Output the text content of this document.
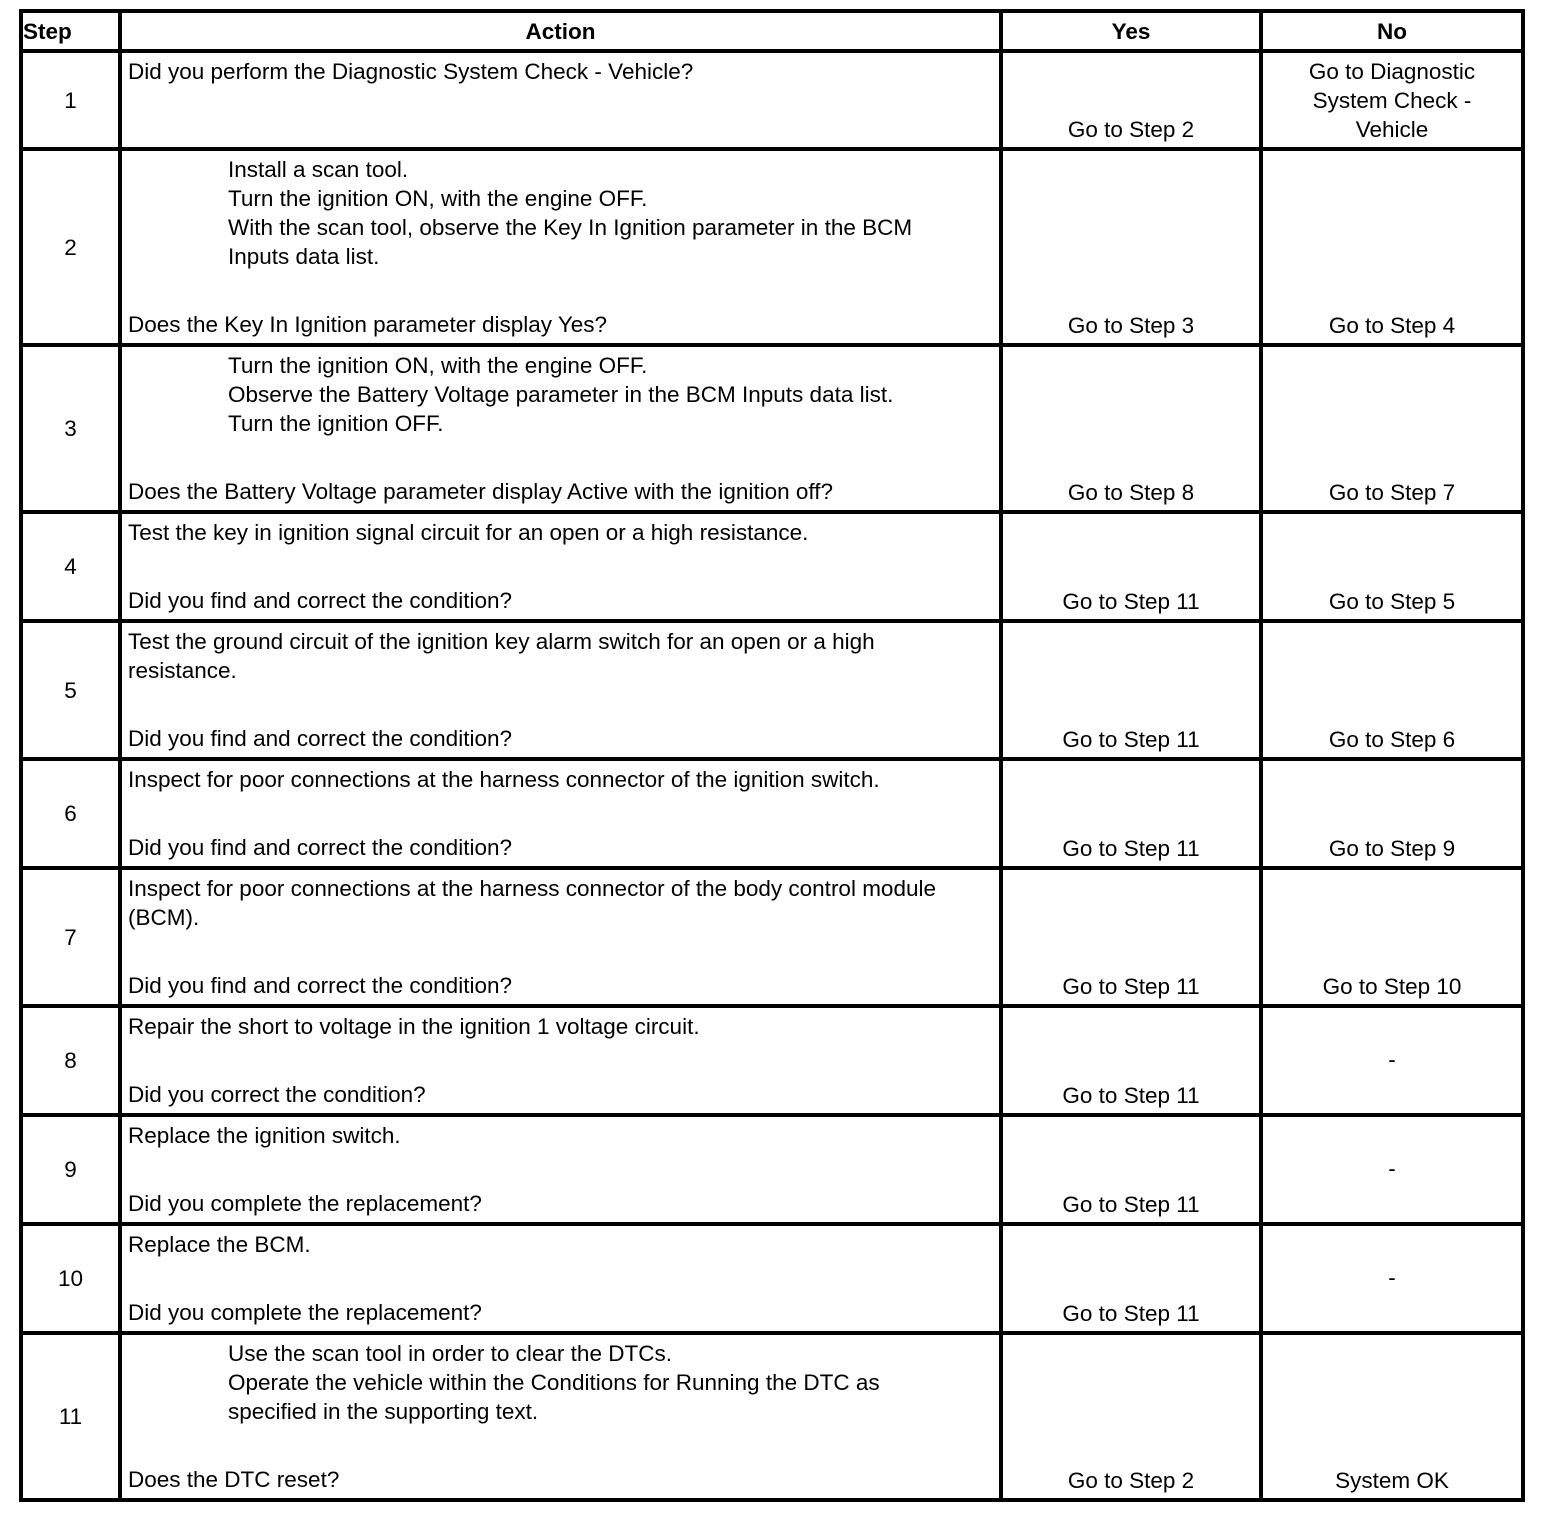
Step	Action	Yes	No
1	Did you perform the Diagnostic System Check - Vehicle?	Go to Step 2	Go to Diagnostic System Check - Vehicle
2	Install a scan tool.
Turn the ignition ON, with the engine OFF.
With the scan tool, observe the Key In Ignition parameter in the BCM
Inputs data list.
Does the Key In Ignition parameter display Yes?	Go to Step 3	Go to Step 4
3	Turn the ignition ON, with the engine OFF.
Observe the Battery Voltage parameter in the BCM Inputs data list.
Turn the ignition OFF.
Does the Battery Voltage parameter display Active with the ignition off?	Go to Step 8	Go to Step 7
4	Test the key in ignition signal circuit for an open or a high resistance.
Did you find and correct the condition?	Go to Step 11	Go to Step 5
5	Test the ground circuit of the ignition key alarm switch for an open or a high resistance.
Did you find and correct the condition?	Go to Step 11	Go to Step 6
6	Inspect for poor connections at the harness connector of the ignition switch.
Did you find and correct the condition?	Go to Step 11	Go to Step 9
7	Inspect for poor connections at the harness connector of the body control module (BCM).
Did you find and correct the condition?	Go to Step 11	Go to Step 10
8	Repair the short to voltage in the ignition 1 voltage circuit.
Did you correct the condition?	Go to Step 11	-
9	Replace the ignition switch.
Did you complete the replacement?	Go to Step 11	-
10	Replace the BCM.
Did you complete the replacement?	Go to Step 11	-
11	Use the scan tool in order to clear the DTCs.
Operate the vehicle within the Conditions for Running the DTC as
specified in the supporting text.
Does the DTC reset?	Go to Step 2	System OK
